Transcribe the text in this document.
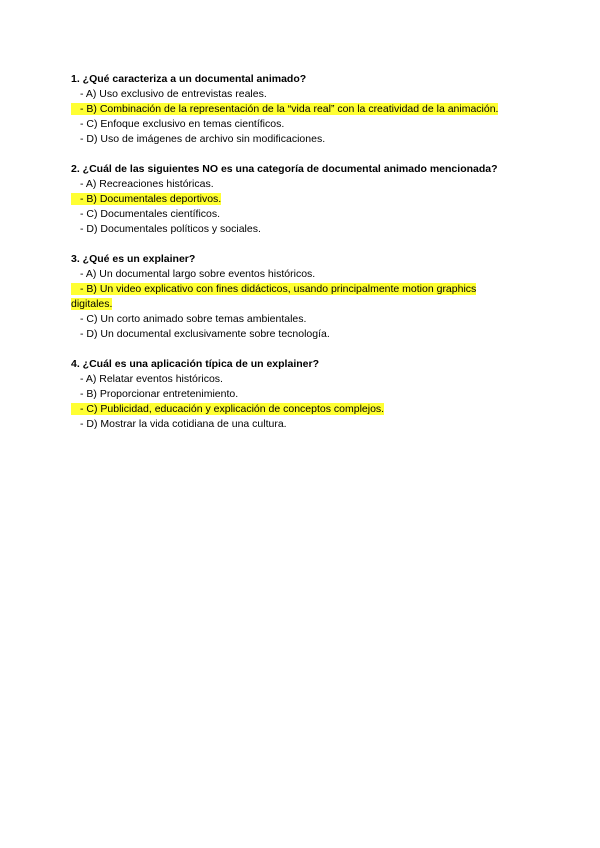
1. ¿Qué caracteriza a un documental animado?
- A) Uso exclusivo de entrevistas reales.
- B) Combinación de la representación de la “vida real” con la creatividad de la animación.
- C) Enfoque exclusivo en temas científicos.
- D) Uso de imágenes de archivo sin modificaciones.
2. ¿Cuál de las siguientes NO es una categoría de documental animado mencionada?
- A) Recreaciones históricas.
- B) Documentales deportivos.
- C) Documentales científicos.
- D) Documentales políticos y sociales.
3. ¿Qué es un explainer?
- A) Un documental largo sobre eventos históricos.
- B) Un video explicativo con fines didácticos, usando principalmente motion graphics digitales.
- C) Un corto animado sobre temas ambientales.
- D) Un documental exclusivamente sobre tecnología.
4. ¿Cuál es una aplicación típica de un explainer?
- A) Relatar eventos históricos.
- B) Proporcionar entretenimiento.
- C) Publicidad, educación y explicación de conceptos complejos.
- D) Mostrar la vida cotidiana de una cultura.
